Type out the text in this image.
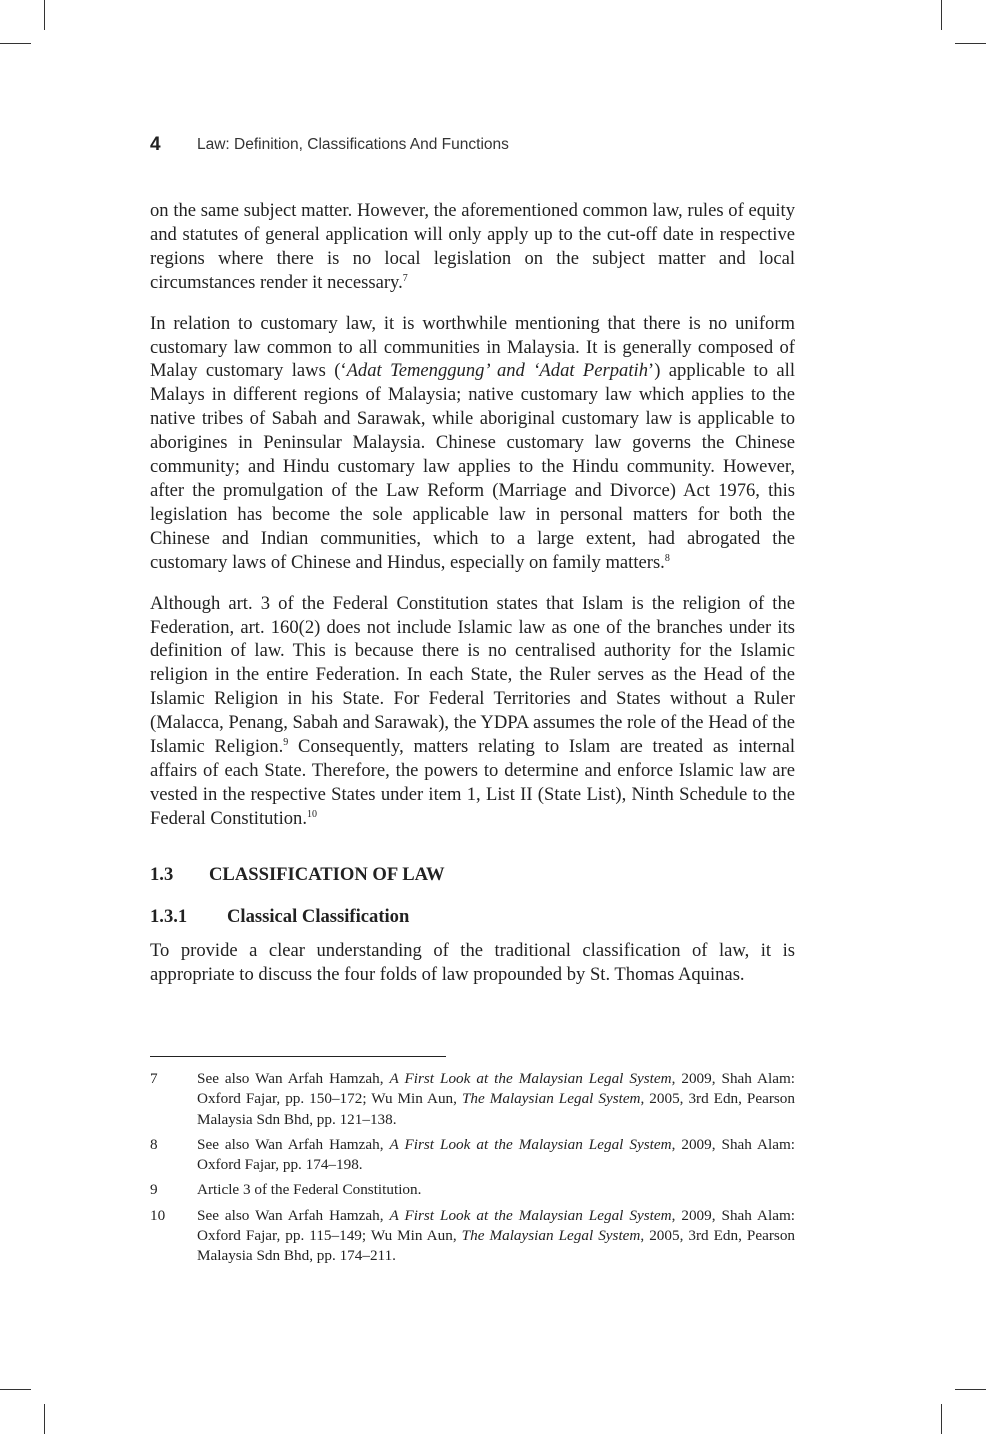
4 Law: Definition, Classifications And Functions

on the same subject matter. However, the aforementioned common law, rules of equity and statutes of general application will only apply up to the cut-off date in respective regions where there is no local legislation on the subject matter and local circumstances render it necessary.$^7$

In relation to customary law, it is worthwhile mentioning that there is no uniform customary law common to all communities in Malaysia. It is generally composed of Malay customary laws (‘Adat Temenggung’ and ‘Adat Perpatih’) applicable to all Malays in different regions of Malaysia; native customary law which applies to the native tribes of Sabah and Sarawak, while aboriginal customary law is applicable to aborigines in Peninsular Malaysia. Chinese customary law governs the Chinese community; and Hindu customary law applies to the Hindu community. However, after the promulgation of the Law Reform (Marriage and Divorce) Act 1976, this legislation has become the sole applicable law in personal matters for both the Chinese and Indian communities, which to a large extent, had abrogated the customary laws of Chinese and Hindus, especially on family matters.$^8$

Although art. 3 of the Federal Constitution states that Islam is the religion of the Federation, art. 160(2) does not include Islamic law as one of the branches under its definition of law. This is because there is no centralised authority for the Islamic religion in the entire Federation. In each State, the Ruler serves as the Head of the Islamic Religion in his State. For Federal Territories and States without a Ruler (Malacca, Penang, Sabah and Sarawak), the YDPA assumes the role of the Head of the Islamic Religion.$^9$ Consequently, matters relating to Islam are treated as internal affairs of each State. Therefore, the powers to determine and enforce Islamic law are vested in the respective States under item 1, List II (State List), Ninth Schedule to the Federal Constitution.$^{10}$

1.3 CLASSIFICATION OF LAW
1.3.1 Classical Classification

To provide a clear understanding of the traditional classification of law, it is appropriate to discuss the four folds of law propounded by St. Thomas Aquinas.

7	See also Wan Arfah Hamzah, A First Look at the Malaysian Legal System, 2009, Shah Alam: Oxford Fajar, pp. 150–172; Wu Min Aun, The Malaysian Legal System, 2005, 3rd Edn, Pearson Malaysia Sdn Bhd, pp. 121–138.
8	See also Wan Arfah Hamzah, A First Look at the Malaysian Legal System, 2009, Shah Alam: Oxford Fajar, pp. 174–198.
9	Article 3 of the Federal Constitution.
10 See also Wan Arfah Hamzah, A First Look at the Malaysian Legal System, 2009, Shah Alam: Oxford Fajar, pp. 115–149; Wu Min Aun, The Malaysian Legal System, 2005, 3rd Edn, Pearson Malaysia Sdn Bhd, pp. 174–211.
